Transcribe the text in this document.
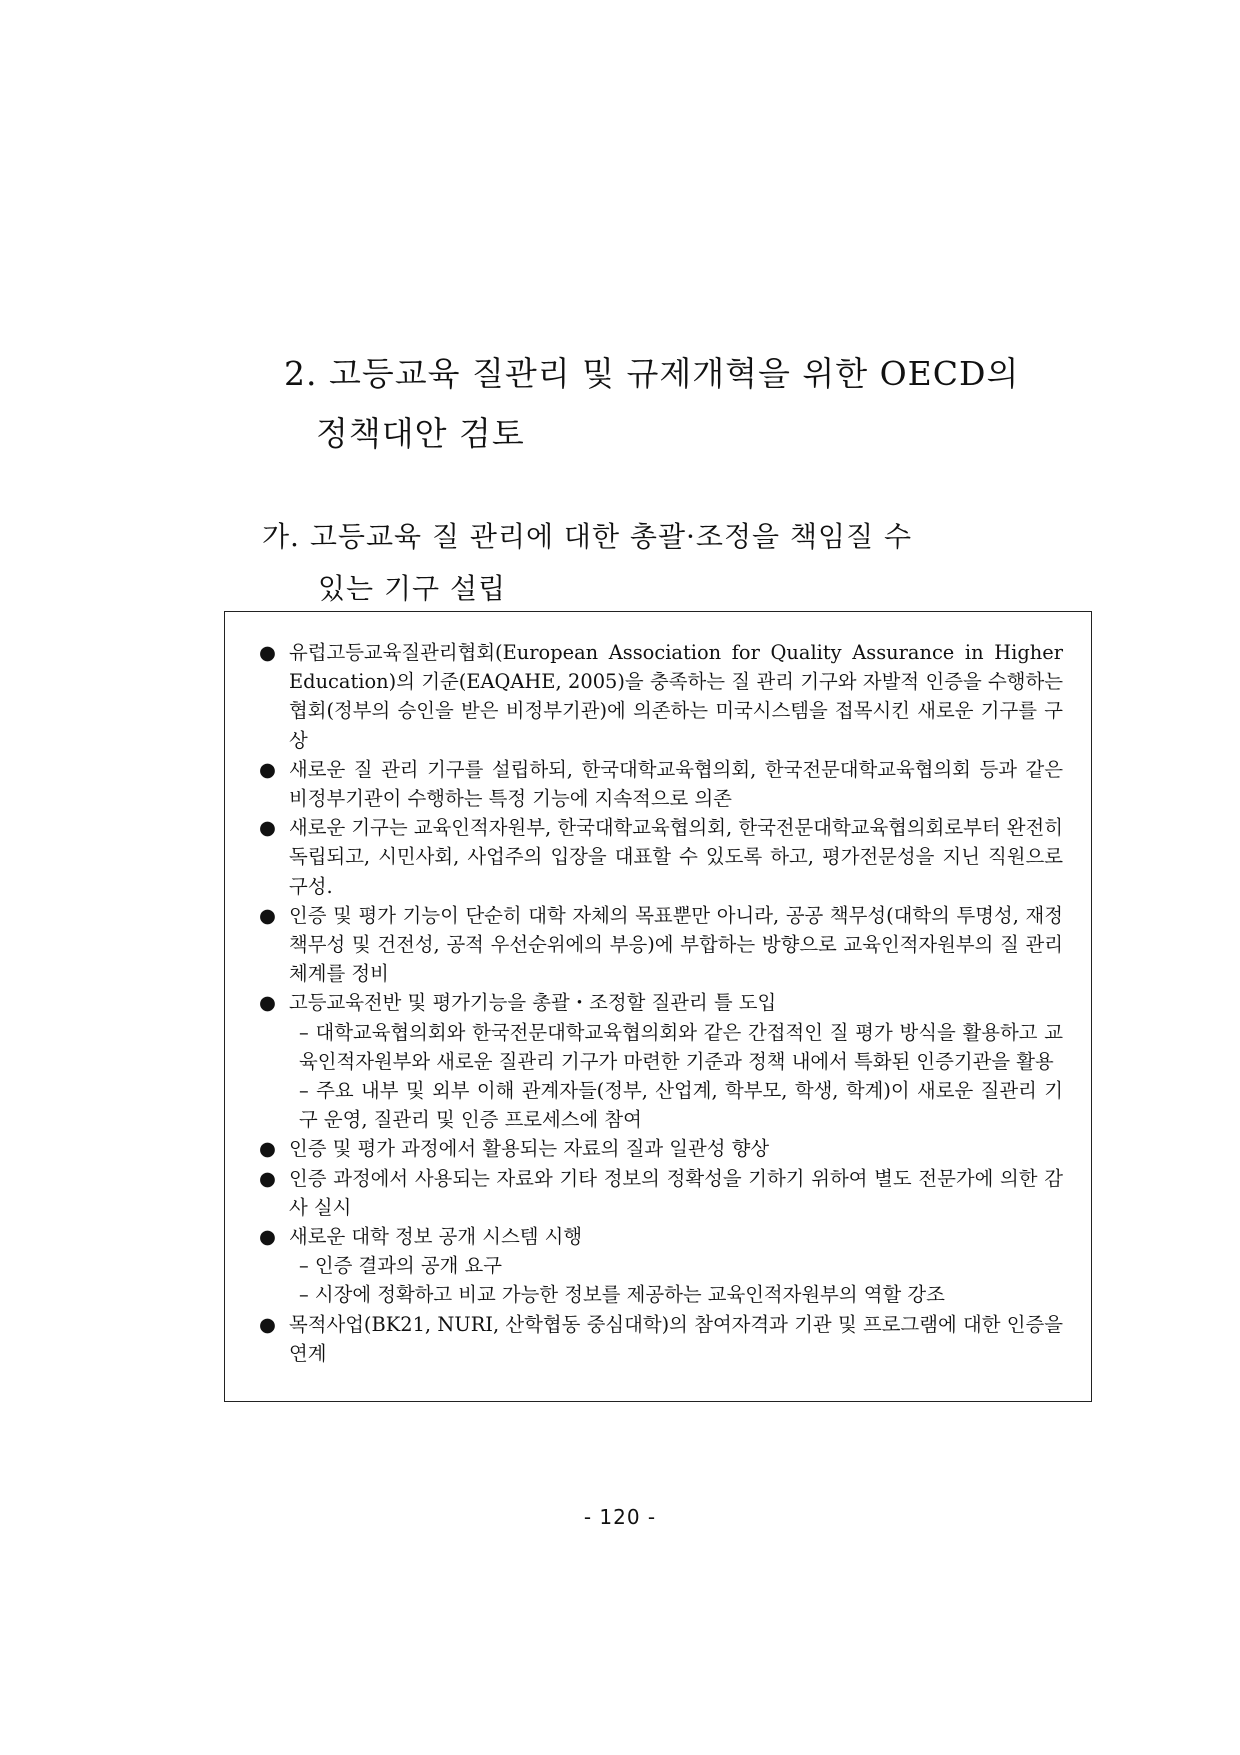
2. 고등교육 질관리 및 규제개혁을 위한 OECD의
정책대안 검토
가. 고등교육 질 관리에 대한 총괄·조정을 책임질 수
있는 기구 설립
● 유럽고등교육질관리협회(European Association for Quality Assurance in Higher Education)의 기준(EAQAHE, 2005)을 충족하는 질 관리 기구와 자발적 인증을 수행하는 협회(정부의 승인을 받은 비정부기관)에 의존하는 미국시스템을 접목시킨 새로운 기구를 구상
● 새로운 질 관리 기구를 설립하되, 한국대학교육협의회, 한국전문대학교육협의회 등과 같은 비정부기관이 수행하는 특정 기능에 지속적으로 의존
● 새로운 기구는 교육인적자원부, 한국대학교육협의회, 한국전문대학교육협의회로부터 완전히 독립되고, 시민사회, 사업주의 입장을 대표할 수 있도록 하고, 평가전문성을 지닌 직원으로 구성.
● 인증 및 평가 기능이 단순히 대학 자체의 목표뿐만 아니라, 공공 책무성(대학의 투명성, 재정 책무성 및 건전성, 공적 우선순위에의 부응)에 부합하는 방향으로 교육인적자원부의 질 관리 체계를 정비
● 고등교육전반 및 평가기능을 총괄・조정할 질관리 틀 도입
– 대학교육협의회와 한국전문대학교육협의회와 같은 간접적인 질 평가 방식을 활용하고 교육인적자원부와 새로운 질관리 기구가 마련한 기준과 정책 내에서 특화된 인증기관을 활용
– 주요 내부 및 외부 이해 관계자들(정부, 산업계, 학부모, 학생, 학계)이 새로운 질관리 기구 운영, 질관리 및 인증 프로세스에 참여
● 인증 및 평가 과정에서 활용되는 자료의 질과 일관성 향상
● 인증 과정에서 사용되는 자료와 기타 정보의 정확성을 기하기 위하여 별도 전문가에 의한 감사 실시
● 새로운 대학 정보 공개 시스템 시행
– 인증 결과의 공개 요구
– 시장에 정확하고 비교 가능한 정보를 제공하는 교육인적자원부의 역할 강조
● 목적사업(BK21, NURI, 산학협동 중심대학)의 참여자격과 기관 및 프로그램에 대한 인증을 연계
- 120 -
